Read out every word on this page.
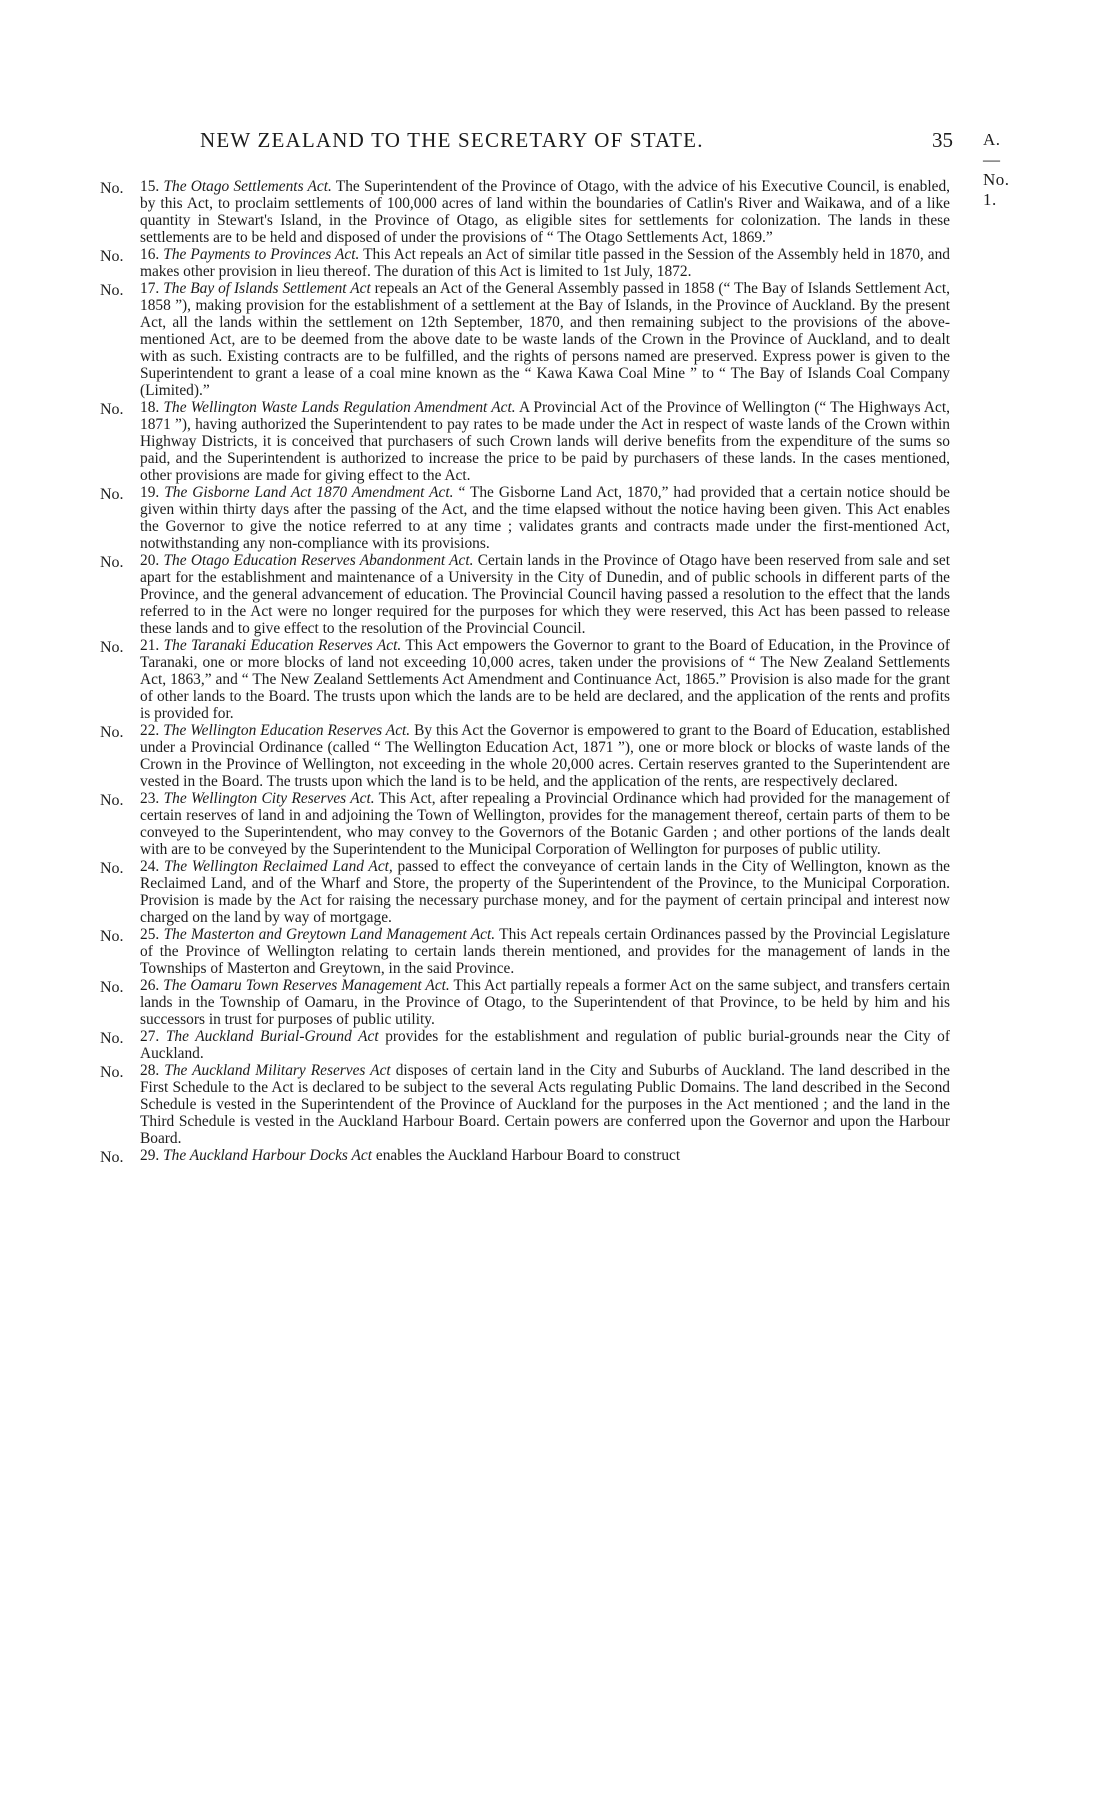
NEW ZEALAND TO THE SECRETARY OF STATE.	35 A.—No. 1.

No. 15. The Otago Settlements Act. The Superintendent of the Province of Otago, with the advice of his Executive Council, is enabled, by this Act, to proclaim settlements of 100,000 acres of land within the boundaries of Catlin's River and Waikawa, and of a like quantity in Stewart's Island, in the Province of Otago, as eligible sites for settlements for colonization. The lands in these settlements are to be held and disposed of under the provisions of “ The Otago Settlements Act, 1869.”

No. 16. The Payments to Provinces Act. This Act repeals an Act of similar title passed in the Session of the Assembly held in 1870, and makes other provision in lieu thereof. The duration of this Act is limited to 1st July, 1872.

No. 17. The Bay of Islands Settlement Act repeals an Act of the General Assembly passed in 1858 (“ The Bay of Islands Settlement Act, 1858 ”), making provision for the establishment of a settlement at the Bay of Islands, in the Province of Auckland. By the present Act, all the lands within the settlement on 12th September, 1870, and then remaining subject to the provisions of the above-mentioned Act, are to be deemed from the above date to be waste lands of the Crown in the Province of Auckland, and to dealt with as such. Existing contracts are to be fulfilled, and the rights of persons named are preserved. Express power is given to the Superintendent to grant a lease of a coal mine known as the “ Kawa Kawa Coal Mine ” to “ The Bay of Islands Coal Company (Limited).”

No. 18. The Wellington Waste Lands Regulation Amendment Act. A Provincial Act of the Province of Wellington (“ The Highways Act, 1871 ”), having authorized the Superintendent to pay rates to be made under the Act in respect of waste lands of the Crown within Highway Districts, it is conceived that purchasers of such Crown lands will derive benefits from the expenditure of the sums so paid, and the Superintendent is authorized to increase the price to be paid by purchasers of these lands. In the cases mentioned, other provisions are made for giving effect to the Act.

No. 19. The Gisborne Land Act 1870 Amendment Act. “ The Gisborne Land Act, 1870,” had provided that a certain notice should be given within thirty days after the passing of the Act, and the time elapsed without the notice having been given. This Act enables the Governor to give the notice referred to at any time ; validates grants and contracts made under the first-mentioned Act, notwithstanding any non-compliance with its provisions.

No. 20. The Otago Education Reserves Abandonment Act. Certain lands in the Province of Otago have been reserved from sale and set apart for the establishment and maintenance of a University in the City of Dunedin, and of public schools in different parts of the Province, and the general advancement of education. The Provincial Council having passed a resolution to the effect that the lands referred to in the Act were no longer required for the purposes for which they were reserved, this Act has been passed to release these lands and to give effect to the resolution of the Provincial Council.

No. 21. The Taranaki Education Reserves Act. This Act empowers the Governor to grant to the Board of Education, in the Province of Taranaki, one or more blocks of land not exceeding 10,000 acres, taken under the provisions of “ The New Zealand Settlements Act, 1863,” and “ The New Zealand Settlements Act Amendment and Continuance Act, 1865.” Provision is also made for the grant of other lands to the Board. The trusts upon which the lands are to be held are declared, and the application of the rents and profits is provided for.

No. 22. The Wellington Education Reserves Act. By this Act the Governor is empowered to grant to the Board of Education, established under a Provincial Ordinance (called “ The Wellington Education Act, 1871 ”), one or more block or blocks of waste lands of the Crown in the Province of Wellington, not exceeding in the whole 20,000 acres. Certain reserves granted to the Superintendent are vested in the Board. The trusts upon which the land is to be held, and the application of the rents, are respectively declared.

No. 23. The Wellington City Reserves Act. This Act, after repealing a Provincial Ordinance which had provided for the management of certain reserves of land in and adjoining the Town of Wellington, provides for the management thereof, certain parts of them to be conveyed to the Superintendent, who may convey to the Governors of the Botanic Garden ; and other portions of the lands dealt with are to be conveyed by the Superintendent to the Municipal Corporation of Wellington for purposes of public utility.

No. 24. The Wellington Reclaimed Land Act, passed to effect the conveyance of certain lands in the City of Wellington, known as the Reclaimed Land, and of the Wharf and Store, the property of the Superintendent of the Province, to the Municipal Corporation. Provision is made by the Act for raising the necessary purchase money, and for the payment of certain principal and interest now charged on the land by way of mortgage.

No. 25. The Masterton and Greytown Land Management Act. This Act repeals certain Ordinances passed by the Provincial Legislature of the Province of Wellington relating to certain lands therein mentioned, and provides for the management of lands in the Townships of Masterton and Greytown, in the said Province.

No. 26. The Oamaru Town Reserves Management Act. This Act partially repeals a former Act on the same subject, and transfers certain lands in the Township of Oamaru, in the Province of Otago, to the Superintendent of that Province, to be held by him and his successors in trust for purposes of public utility.

No. 27. The Auckland Burial-Ground Act provides for the establishment and regulation of public burial-grounds near the City of Auckland.

No. 28. The Auckland Military Reserves Act disposes of certain land in the City and Suburbs of Auckland. The land described in the First Schedule to the Act is declared to be subject to the several Acts regulating Public Domains. The land described in the Second Schedule is vested in the Superintendent of the Province of Auckland for the purposes in the Act mentioned ; and the land in the Third Schedule is vested in the Auckland Harbour Board. Certain powers are conferred upon the Governor and upon the Harbour Board.

No. 29. The Auckland Harbour Docks Act enables the Auckland Harbour Board to construct
